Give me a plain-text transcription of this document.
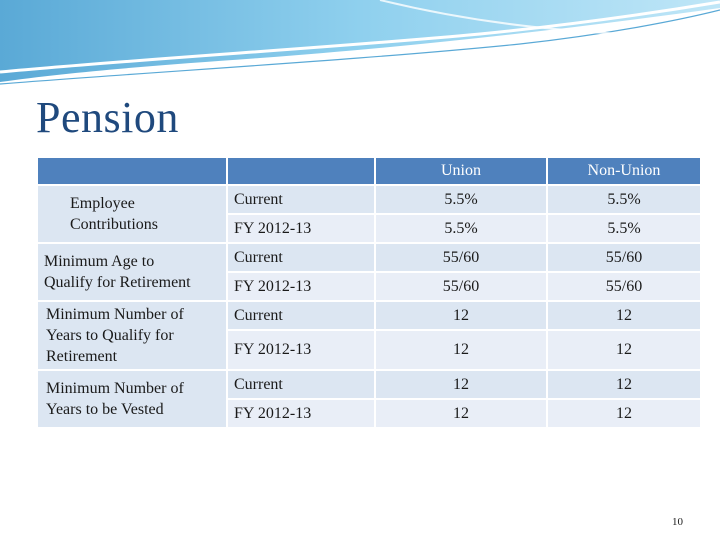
Pension
		Union	Non-Union

Employee Contributions	Current	5.5%	5.5%
	FY 2012-13	5.5%	5.5%

Minimum Age to Qualify for Retirement	Current	55/60	55/60
	FY 2012-13	55/60	55/60

Minimum Number of Years to Qualify for Retirement	Current	12	12
	FY 2012-13	12	12

Minimum Number of Years to be Vested	Current	12	12
	FY 2012-13	12	12
10
